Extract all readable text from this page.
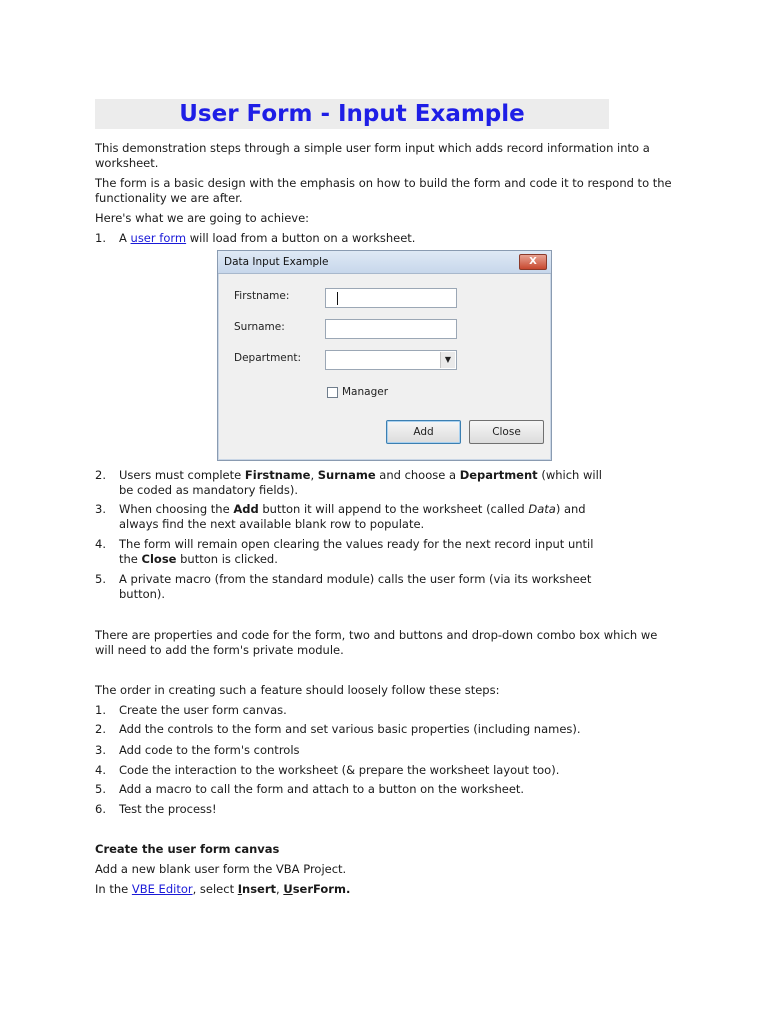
User Form - Input Example

This demonstration steps through a simple user form input which adds record information into a
worksheet.

The form is a basic design with the emphasis on how to build the form and code it to respond to the
functionality we are after.

Here's what we are going to achieve:

1.	A user form will load from a button on a worksheet.
Data Input Example	X
Firstname:
Surname:
Department:	▼
Manager
Add	Close
2.	Users must complete Firstname, Surname and choose a Department (which will
be coded as mandatory fields).
3.	When choosing the Add button it will append to the worksheet (called Data) and
always find the next available blank row to populate.
4.	The form will remain open clearing the values ready for the next record input until
the Close button is clicked.
5.	A private macro (from the standard module) calls the user form (via its worksheet
button).

There are properties and code for the form, two and buttons and drop-down combo box which we
will need to add the form's private module.

The order in creating such a feature should loosely follow these steps:

1.	Create the user form canvas.
2.	Add the controls to the form and set various basic properties (including names).
3.	Add code to the form's controls
4.	Code the interaction to the worksheet (& prepare the worksheet layout too).
5.	Add a macro to call the form and attach to a button on the worksheet.
6.	Test the process!

Create the user form canvas

Add a new blank user form the VBA Project.

In the VBE Editor, select Insert, UserForm.
